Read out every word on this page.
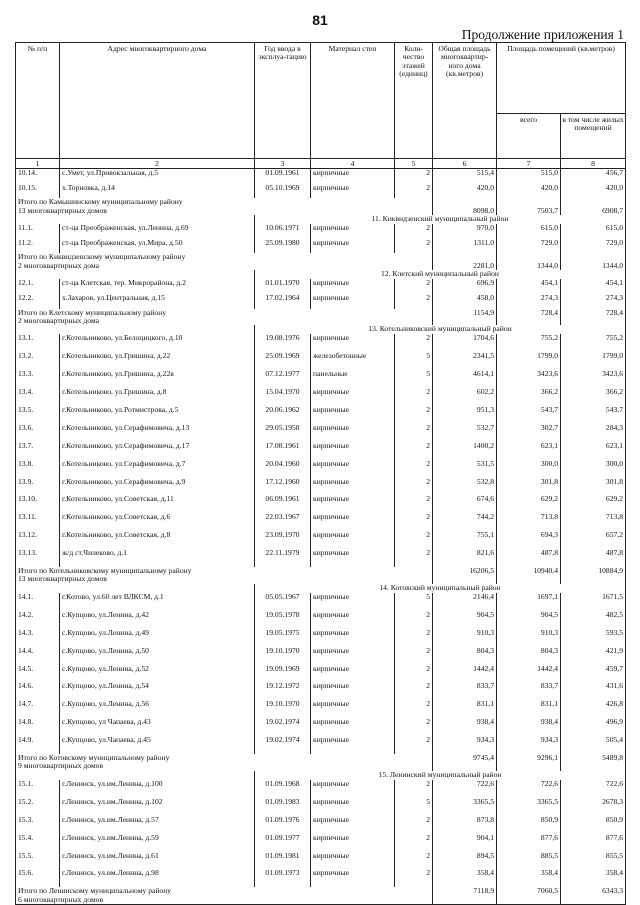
81
Продолжение приложения 1
№ п/п	Адрес многоквартирного дома	Год ввода в эксплуа-тацию	Материал стен	Коли-чество этажей (единиц)	Общая площадь многоквартир-ного дома (кв.метров)	Площадь помещений (кв.метров)	
						всего	в том числе жилых помещений
1	2	3	4	5	6	7	8
10.14.	с.Умет, ул.Привокзальная, д.5	01.09.1961	кирпичные	2	515,4	515,0	456,7
10.15.	х.Торновка, д.14	05.10.1969	кирпичные	2	420,0	420,0	420,0
Итого по Камышинскому муниципальному району							
13 многоквартирных домов					8098,0	7503,7	6908,7
		11. Киквидзенский муниципальный район					
11.1.	ст-ца Преображенская, ул.Ленина, д.69	10.06.1971	кирпичные	2	970,0	615,0	615,0
11.2.	ст-ца Преображенская, ул.Мира, д.50	25.09.1980	кирпичные	2	1311,0	729,0	729,0
Итого по Киквидзенскому муниципальному району							
2 многоквартирных дома					2281,0	1344,0	1344,0
		12. Клетский муниципальный район					
12.1.	ст-ца Клетская, тер. Микрорайона, д.2	01.01.1970	кирпичные	2	696,9	454,1	454,1
12.2.	х.Захаров, ул.Центральная, д.15	17.02.1964	кирпичные	2	458,0	274,3	274,3
Итого по Клетскому муниципальному району					1154,9	728,4	728,4
2 многоквартирных дома							
		13. Котельниковский муниципальный район					
13.1.	г.Котельниково, ул.Белоцицкого, д.10	19.08.1976	кирпичные	2	1704,6	755,2	755,2
13.2.	г.Котельниково, ул.Гришина, д.22	25.09.1969	железобетонные	5	2341,5	1799,0	1799,0
13.3.	г.Котельниково, ул.Гришина, д.22в	07.12.1977	панельные	5	4614,1	3423,6	3423,6
13.4.	г.Котельниково, ул.Гришина, д.8	15.04.1970	кирпичные	2	602,2	366,2	366,2
13.5.	г.Котельниково, ул.Ротмистрова, д.5	20.06.1962	кирпичные	2	951,3	543,7	543,7
13.6.	г.Котельниково, ул.Серафимовича, д.13	29.05.1958	кирпичные	2	532,7	302,7	284,3
13.7.	г.Котельниково, ул.Серафимовича, д.17	17.08.1961	кирпичные	2	1400,2	623,1	623,1
13.8.	г.Котельниково, ул.Серафимовича, д.7	20.04.1960	кирпичные	2	531,5	300,0	300,0
13.9.	г.Котельниково, ул.Серафимовича, д.9	17.12.1960	кирпичные	2	532,8	301,8	301,8
13.10.	г.Котельниково, ул.Советская, д.11	06.09.1961	кирпичные	2	674,6	629,2	629,2
13.11.	г.Котельниково, ул.Советская, д.6	22.03.1967	кирпичные	2	744,2	713,8	713,8
13.12.	г.Котельниково, ул.Советская, д.8	23.09.1970	кирпичные	2	755,1	694,3	657,2
13.13.	ж/д ст.Чилеково, д.1	22.11.1979	кирпичные	2	821,6	487,8	487,8
Итого по Котельниковскому муниципальному району					16206,5	10940,4	10884,9
13 многоквартирных домов							
		14. Котовский муниципальный район					
14.1.	г.Котово, ул.60 лет ВЛКСМ, д.1	05.05.1967	кирпичные	5	2146,4	1697,1	1671,5
14.2.	с.Купцово, ул.Ленина, д.42	19.05.1978	кирпичные	2	904,5	904,5	482,5
14.3.	с.Купцово, ул.Ленина, д.49	19.05.1975	кирпичные	2	910,3	910,3	593,5
14.4.	с.Купцово, ул.Ленина, д.50	19.10.1970	кирпичные	2	804,3	804,3	421,9
14.5.	с.Купцово, ул.Ленина, д.52	19.09.1969	кирпичные	2	1442,4	1442,4	459,7
14.6.	с.Купцово, ул.Ленина, д.54	19.12.1972	кирпичные	2	833,7	833,7	431,6
14.7.	с.Купцово, ул.Ленина, д.56	19.10.1970	кирпичные	2	831,1	831,1	426,8
14.8.	с.Купцово, ул Чапаева, д.43	19.02.1974	кирпичные	2	938,4	938,4	496,9
14.9.	с.Купцово, ул.Чапаева, д.45	19.02.1974	кирпичные	2	934,3	934,3	505,4
Итого по Котовскому муниципальному району					9745,4	9296,1	5489,8
9 многоквартирных домов							
		15. Ленинский муниципальный район					
15.1.	г.Ленинск, ул.им.Ленина, д.100	01.09.1968	кирпичные	2	722,6	722,6	722,6
15.2.	г.Ленинск, ул.им.Ленина, д.102	01.09.1983	кирпичные	5	3365,5	3365,5	2678,3
15.3.	г.Ленинск, ул.им.Ленина, д.57	01.09.1976	кирпичные	2	873,8	850,9	850,9
15.4.	г.Ленинск, ул.им.Ленина, д.59	01.09.1977	кирпичные	2	904,1	877,6	877,6
15.5.	г.Ленинск, ул.им.Ленина, д.61	01.09.1981	кирпичные	2	894,5	885,5	855,5
15.6.	г.Ленинск, ул.им.Ленина, д.98	01.09.1973	кирпичные	2	358,4	358,4	358,4
Итого по Ленинскому муниципальному району					7118,9	7060,5	6343,3
6 многоквартирных домов							
